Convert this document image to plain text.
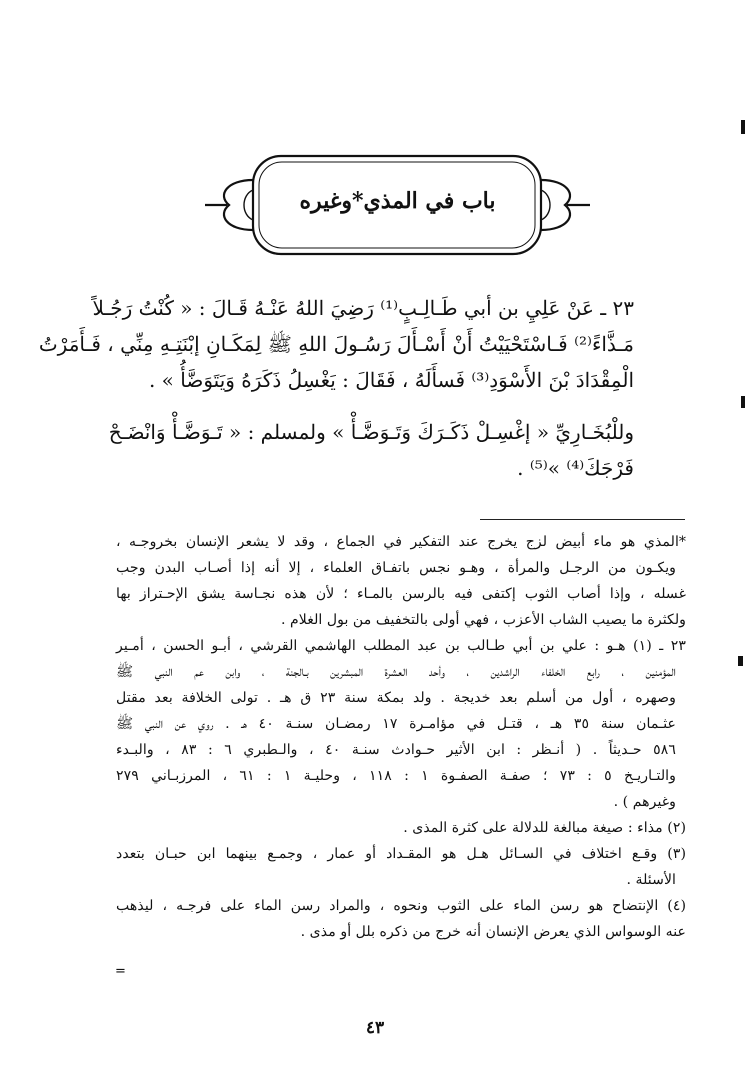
باب في المذي*وغيره
٢٣ ـ عَنْ عَلِيِ بن أبي طَـالِـبٍ⁽¹⁾ رَضِيَ اللهُ عَنْـهُ قَـالَ : « كُنْتُ رَجُـلاً
مَـذَّاءً⁽²⁾ فَـاسْتَحْيَيْتُ أَنْ أَسْـأَلَ رَسُـولَ اللهِ ﷺ لِمَكَـانِ إبْنَتِـهِ مِنِّي ، فَـأَمَرْتُ
الْمِقْدَادَ بْنَ الأَسْوَدِ⁽³⁾ فَسأَلَهُ ، فَقَالَ : يَغْسِلُ ذَكَرَهُ وَيَتَوَضَّأُ » .
وللْبُخَـارِيِّ « إغْسِـلْ ذَكَـرَكَ وَتَـوَضَّـأْ » ولمسلم : « تَـوَضَّـأْ وَانْضَـحْ
فَرْجَكَ⁽⁴⁾ »⁽⁵⁾ .
*المذي هو ماء أبيض لزج يخرج عند التفكير في الجماع ، وقد لا يشعر الإنسان بخروجـه ،
ويكـون من الرجـل والمرأة ، وهـو نجس باتفـاق العلماء ، إلا أنه إذا أصـاب البدن وجب
غسله ، وإذا أصاب الثوب إكتفى فيه بالرسن بالمـاء ؛ لأن هذه نجـاسة يشق الإحـتراز بها
ولكثرة ما يصيب الشاب الأعزب ، فهي أولى بالتخفيف من بول الغلام .
٢٣ ـ (١) هـو : علي بن أبي طـالب بن عبد المطلب الهاشمي القرشي ، أبـو الحسن ، أمـير
المؤمنين ، رابع الخلفاء الراشدين ، وأحد العشرة المبشرين بـالجنة ، وابن عم النبي ﷺ
وصهره ، أول من أسلم بعد خديجة . ولد بمكة سنة ٢٣ ق هـ . تولى الخلافة بعد مقتل
عثـمان سنة ٣٥ هـ ، قتـل في مؤامـرة ١٧ رمضـان سنـة ٤٠ هـ . روي عن النبي ﷺ
٥٨٦ حـديثاً . ( أنـظر : ابن الأثير حـوادث سنـة ٤٠ ، والـطبري ٦ : ٨٣ ، والبـدء
والتـاريـخ ٥ : ٧٣ ؛ صفـة الصفـوة ١ : ١١٨ ، وحليـة ١ : ٦١ ، المرزبـاني ٢٧٩
وغيرهم ) .
(٢) مذاء : صيغة مبالغة للدلالة على كثرة المذى .
(٣) وقـع اختلاف في السـائل هـل هو المقـداد أو عمار ، وجمـع بينهما ابن حبـان بتعدد
الأسئلة .
(٤) الإنتضاح هو رسن الماء على الثوب ونحوه ، والمراد رسن الماء على فرجـه ، ليذهب
عنه الوسواس الذي يعرض الإنسان أنه خرج من ذكره بلل أو مذى .
٤٣
=
